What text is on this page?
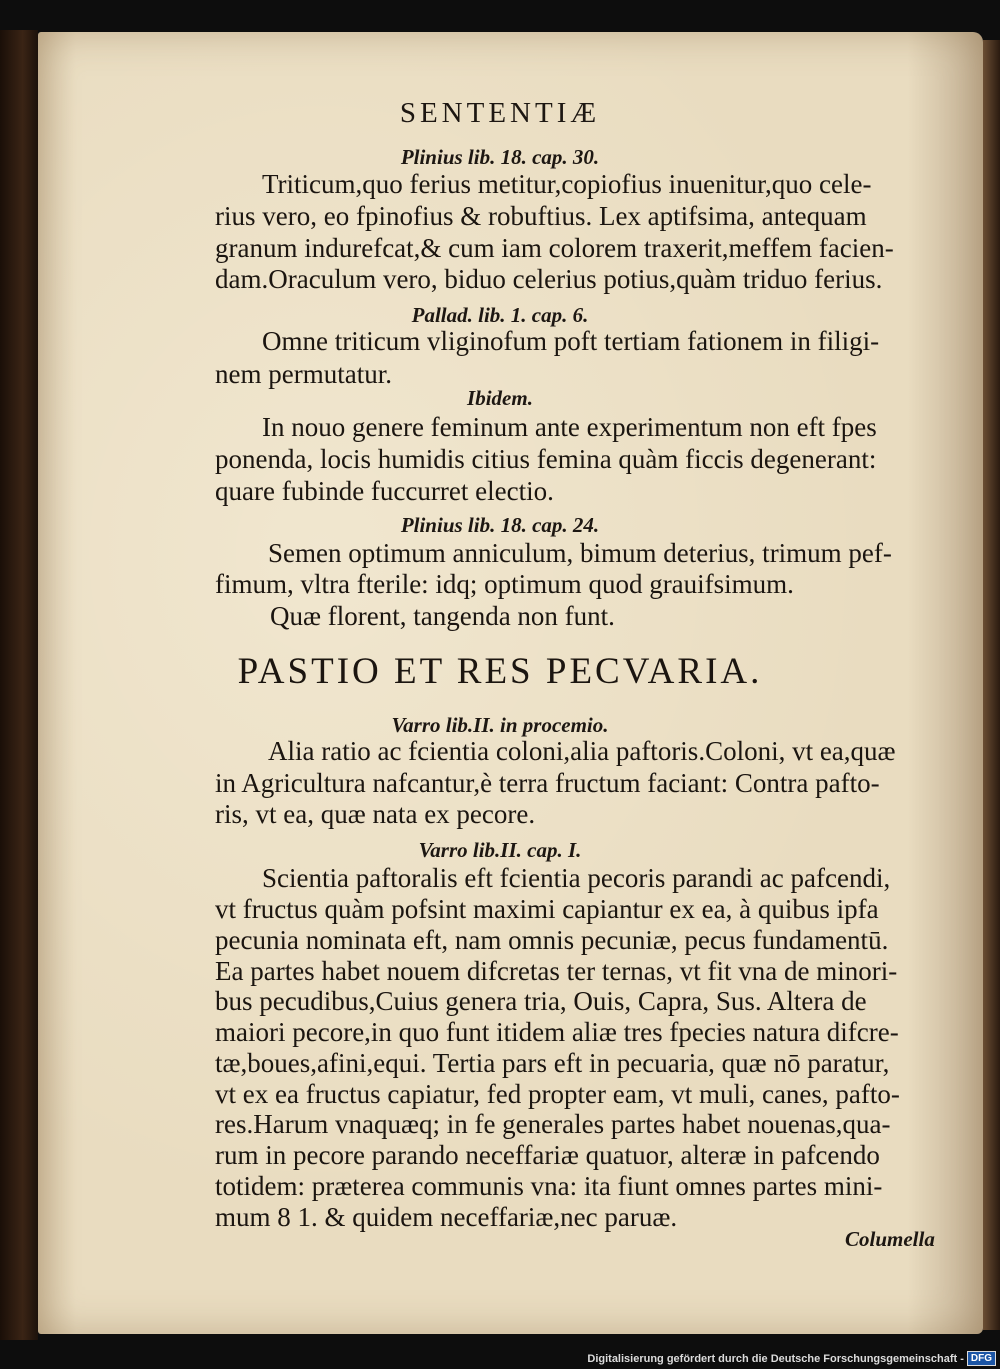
SENTENTIÆ
Plinius lib. 18. cap. 30.
Triticum,quo ferius metitur,copiofius inuenitur,quo cele-
rius vero, eo fpinofius & robuftius. Lex aptifsima, antequam
granum indurefcat,& cum iam colorem traxerit,meffem facien-
dam.Oraculum vero, biduo celerius potius,quàm triduo ferius.
Pallad. lib. 1. cap. 6.
Omne triticum vliginofum poft tertiam fationem in filigi-
nem permutatur.
Ibidem.
In nouo genere feminum ante experimentum non eft fpes
ponenda, locis humidis citius femina quàm ficcis degenerant:
quare fubinde fuccurret electio.
Plinius lib. 18. cap. 24.
Semen optimum anniculum, bimum deterius, trimum pef-
fimum, vltra fterile: idq; optimum quod grauifsimum.
Quæ florent, tangenda non funt.
PASTIO ET RES PECVARIA.
Varro lib.II. in procemio.
Alia ratio ac fcientia coloni,alia paftoris.Coloni, vt ea,quæ
in Agricultura nafcantur,è terra fructum faciant: Contra pafto-
ris, vt ea, quæ nata ex pecore.
Varro lib.II. cap. I.
Scientia paftoralis eft fcientia pecoris parandi ac pafcendi,
vt fructus quàm pofsint maximi capiantur ex ea, à quibus ipfa
pecunia nominata eft, nam omnis pecuniæ, pecus fundamentū.
Ea partes habet nouem difcretas ter ternas, vt fit vna de minori-
bus pecudibus,Cuius genera tria, Ouis, Capra, Sus. Altera de
maiori pecore,in quo funt itidem aliæ tres fpecies natura difcre-
tæ,boues,afini,equi. Tertia pars eft in pecuaria, quæ nō paratur,
vt ex ea fructus capiatur, fed propter eam, vt muli, canes, pafto-
res.Harum vnaquæq; in fe generales partes habet nouenas,qua-
rum in pecore parando neceffariæ quatuor, alteræ in pafcendo
totidem: præterea communis vna: ita fiunt omnes partes mini-
mum 8 1. & quidem neceffariæ,nec paruæ.
Columella
Digitalisierung gefördert durch die Deutsche Forschungsgemeinschaft - DFG
